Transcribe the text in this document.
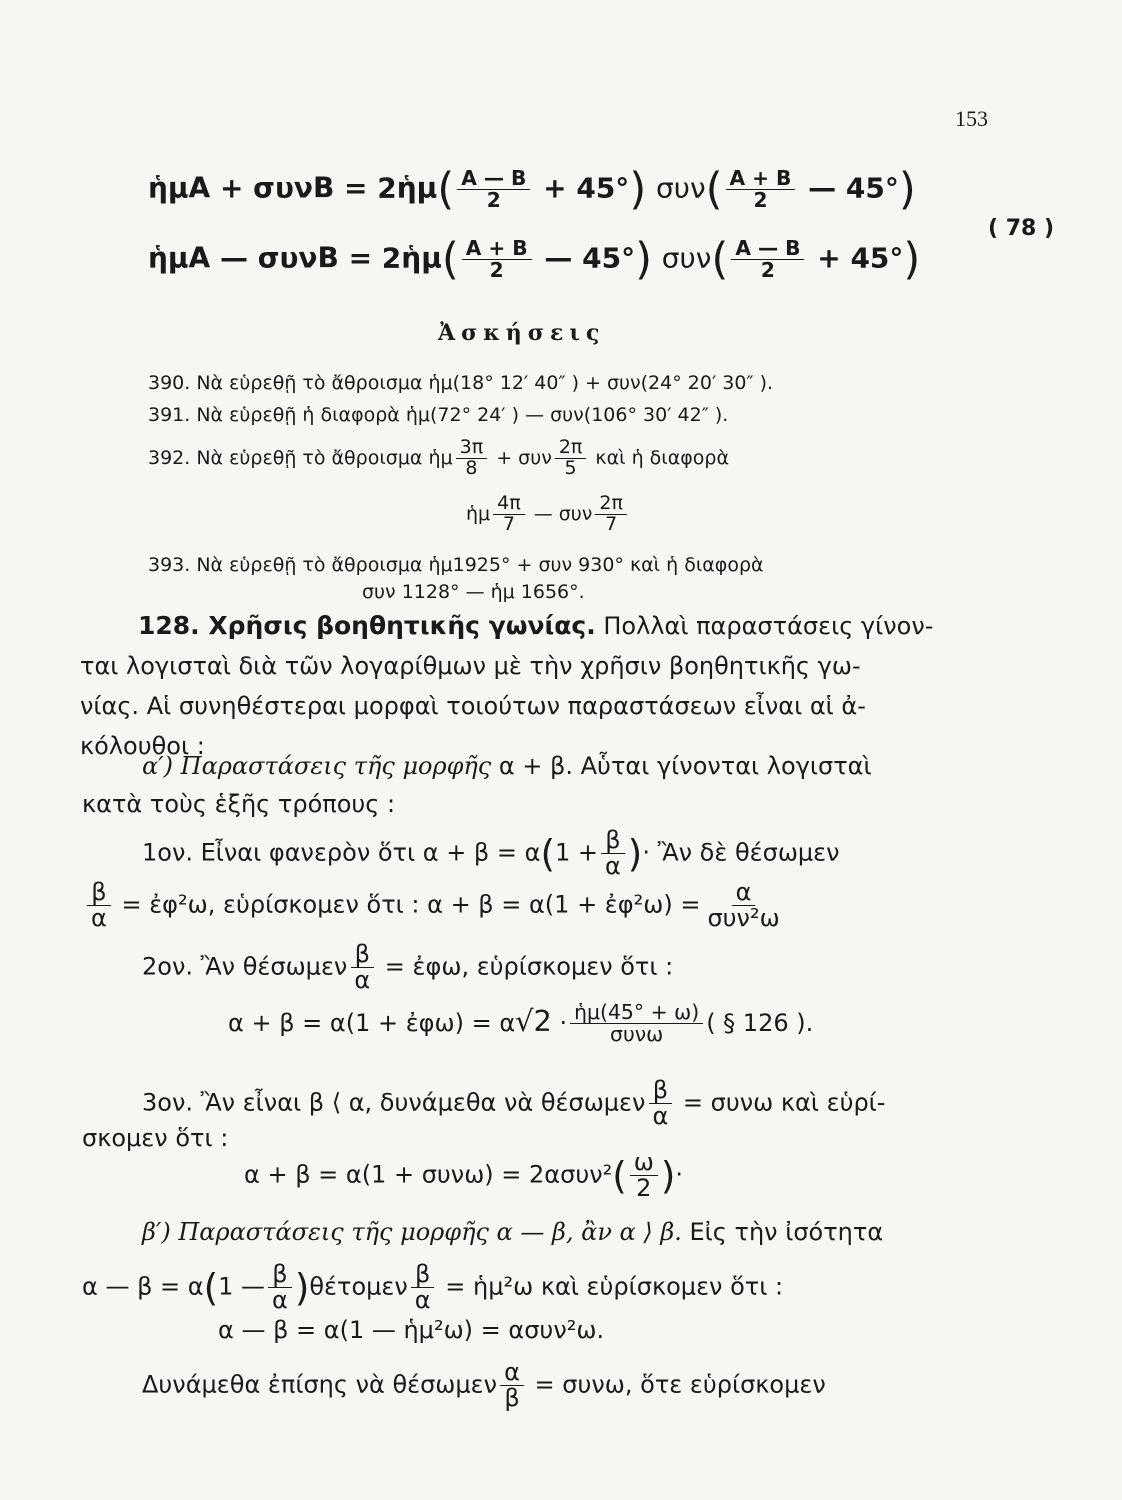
153
ἡμΑ + συνΒ = 2ἡμ( $\frac{A — B}{2} + 45^\circ$) $\sigma\upsilon\nu( \frac{A + B}{2}$ — 45°)
ἡμΑ — συνΒ = 2ἡμ( $\frac{A + B}{2}$ — 45°) $\sigma\upsilon\nu( \frac{A — B}{2} + 45^\circ)$
( 78 )
Ἀσκήσεις
390. Νὰ εὑρεθῇ τὸ ἄθροισμα ἡμ(18° 12′ 40″ ) + συν(24° 20′ 30″ ).
391. Νὰ εὑρεθῇ ἡ διαφορὰ ἡμ(72° 24′ ) — συν(106° 30′ 42″ ).
392. Νὰ εὑρεθῇ τὸ ἄθροισμα ἡμ $\frac{3\pi}{8} + \sigma\upsilon\nu \frac{2\pi}{5}$ καὶ ἡ διαφορὰ
ἡμ $\frac{4\pi}{7}$ — συν $\frac{2\pi}{7}$
393. Νὰ εὑρεθῇ τὸ ἄθροισμα ἡμ1925° + συν 930° καὶ ἡ διαφορὰ
συν 1128° — ἡμ 1656°.
128. Χρῆσις βοηθητικῆς γωνίας. Πολλαὶ παραστάσεις γίνον-
ται λογισταὶ διὰ τῶν λογαρίθμων μὲ τὴν χρῆσιν βοηθητικῆς γω-
νίας. Αἱ συνηθέστεραι μορφαὶ τοιούτων παραστάσεων εἶναι αἱ ἀ-
κόλουθοι :
α′) Παραστάσεις τῆς μορφῆς α + β. Αὗται γίνονται λογισταὶ
κατὰ τοὺς ἑξῆς τρόπους :
1ον. Εἶναι φανερὸν ὅτι $\alpha + \beta = \alpha(1 + \frac{\beta}{\alpha}$ )· Ἂν δὲ θέσωμεν
$\frac{\beta}{\alpha}$ = ἐφ²ω, εὑρίσκομεν ὅτι : α + β = α(1 + ἐφ²ω) = $\frac{\alpha}{\text{συν²ω}}$
2ον. Ἂν θέσωμεν $\frac{\beta}{\alpha}$ = ἐφω, εὑρίσκομεν ὅτι :
α + β = α(1 + ἐφω) = $\alpha√2 \cdot \frac{\text{ἡμ(45° + ω)}}{\text{συνω}}$ ( § 126 ).
3ον. Ἂν εἶναι β ⟨ α, δυνάμεθα νὰ θέσωμεν $\frac{\beta}{\alpha} = \sigma\upsilon\nu\omega$ καὶ εὑρί-
σκομεν ὅτι :
$\alpha + \beta = \alpha(1 + \sigma\upsilon\nu\omega) = 2\alpha\sigma\upsilon\nu^2( \frac{\omega}{2}$ )·
β′) Παραστάσεις τῆς μορφῆς α — β, ἂν α ⟩ β. Εἰς τὴν ἰσότητα
α — β = α(1 — $\frac{\beta}{\alpha} )\theta έ\tau o\mu\varepsilon\nu \frac{\beta}{\alpha}$ = ἡμ²ω καὶ εὑρίσκομεν ὅτι :
α — β = α(1 — ἡμ²ω) = ασυν²ω.
Δυνάμεθα ἐπίσης νὰ θέσωμεν $\frac{\alpha}{\beta} = \sigma\upsilon\nu\omega$, ὅτε εὑρίσκομεν
